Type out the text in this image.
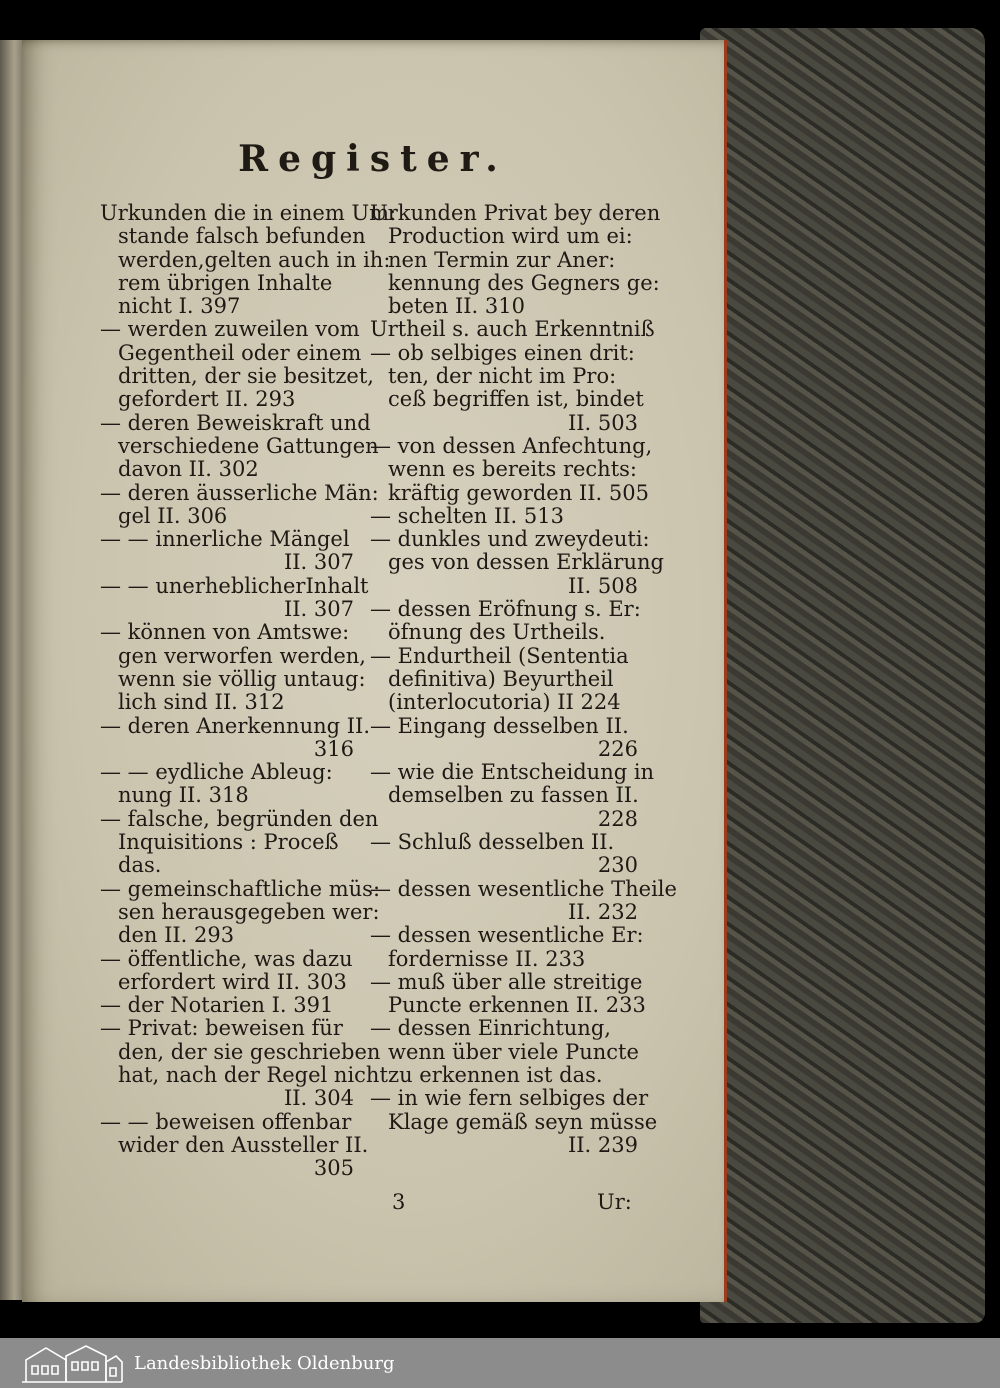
Register.
Urkunden die in einem Um:
stande falsch befunden
werden,gelten auch in ih:
rem übrigen Inhalte
nicht I. 397
— werden zuweilen vom
Gegentheil oder einem
dritten, der sie besitzet,
gefordert II. 293
— deren Beweiskraft und
verschiedene Gattungen
davon II. 302
— deren äusserliche Män:
gel II. 306
— — innerliche Mängel
II. 307
— — unerheblicherInhalt
II. 307
— können von Amtswe:
gen verworfen werden,
wenn sie völlig untaug:
lich sind II. 312
— deren Anerkennung II.
316
— — eydliche Ableug:
nung II. 318
— falsche, begründen den
Inquisitions : Proceß
das.
— gemeinschaftliche müs:
sen herausgegeben wer:
den II. 293
— öffentliche, was dazu
erfordert wird II. 303
— der Notarien I. 391
— Privat: beweisen für
den, der sie geschrieben
hat, nach der Regel nicht
II. 304
— — beweisen offenbar
wider den Aussteller II.
305
Urkunden Privat bey deren
Production wird um ei:
nen Termin zur Aner:
kennung des Gegners ge:
beten II. 310
Urtheil s. auch Erkenntniß
— ob selbiges einen drit:
ten, der nicht im Pro:
ceß begriffen ist, bindet
II. 503
— von dessen Anfechtung,
wenn es bereits rechts:
kräftig geworden II. 505
— schelten II. 513
— dunkles und zweydeuti:
ges von dessen Erklärung
II. 508
— dessen Eröfnung s. Er:
öfnung des Urtheils.
— Endurtheil (Sententia
definitiva) Beyurtheil
(interlocutoria) II 224
— Eingang desselben II.
226
— wie die Entscheidung in
demselben zu fassen II.
228
— Schluß desselben II.
230
— dessen wesentliche Theile
II. 232
— dessen wesentliche Er:
fordernisse II. 233
— muß über alle streitige
Puncte erkennen II. 233
— dessen Einrichtung,
wenn über viele Puncte
zu erkennen ist das.
— in wie fern selbiges der
Klage gemäß seyn müsse
II. 239
3	Ur:
Landesbibliothek Oldenburg
